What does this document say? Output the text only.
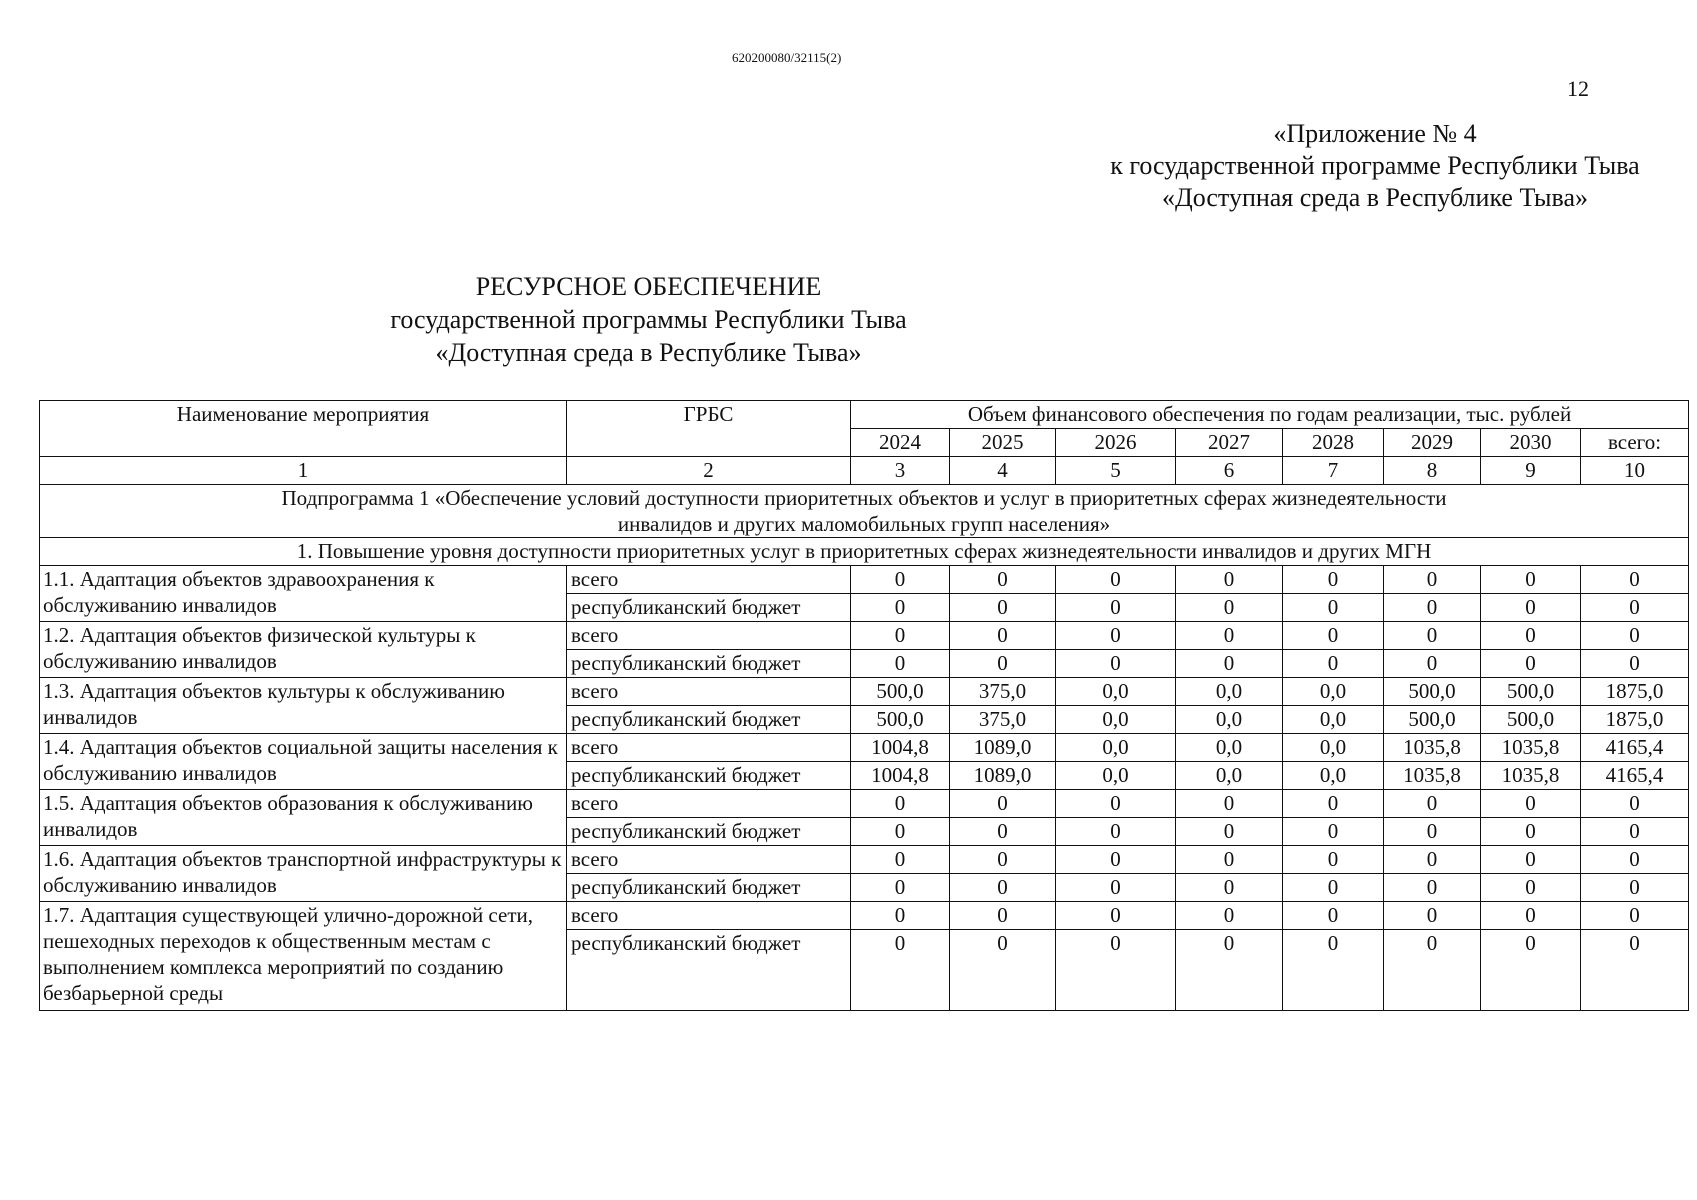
620200080/32115(2)
12
«Приложение № 4
к государственной программе Республики Тыва
«Доступная среда в Республике Тыва»
РЕСУРСНОЕ ОБЕСПЕЧЕНИЕ
государственной программы Республики Тыва
«Доступная среда в Республике Тыва»
Наименование мероприятия	ГРБС	Объем финансового обеспечения по годам реализации, тыс. рублей							
		2024	2025	2026	2027	2028	2029	2030	всего:
1	2	3	4	5	6	7	8	9	10
Подпрограмма 1 «Обеспечение условий доступности приоритетных объектов и услуг в приоритетных сферах жизнедеятельности инвалидов и других маломобильных групп населения»									
1. Повышение уровня доступности приоритетных услуг в приоритетных сферах жизнедеятельности инвалидов и других МГН									
1.1. Адаптация объектов здравоохранения к обслуживанию инвалидов	всего	0	0	0	0	0	0	0	0
	республиканский бюджет	0	0	0	0	0	0	0	0
1.2. Адаптация объектов физической культуры к обслуживанию инвалидов	всего	0	0	0	0	0	0	0	0
	республиканский бюджет	0	0	0	0	0	0	0	0
1.3. Адаптация объектов культуры к обслуживанию инвалидов	всего	500,0	375,0	0,0	0,0	0,0	500,0	500,0	1875,0
	республиканский бюджет	500,0	375,0	0,0	0,0	0,0	500,0	500,0	1875,0
1.4. Адаптация объектов социальной защиты населения к обслуживанию инвалидов	всего	1004,8	1089,0	0,0	0,0	0,0	1035,8	1035,8	4165,4
	республиканский бюджет	1004,8	1089,0	0,0	0,0	0,0	1035,8	1035,8	4165,4
1.5. Адаптация объектов образования к обслуживанию инвалидов	всего	0	0	0	0	0	0	0	0
	республиканский бюджет	0	0	0	0	0	0	0	0
1.6. Адаптация объектов транспортной инфраструктуры к обслуживанию инвалидов	всего	0	0	0	0	0	0	0	0
	республиканский бюджет	0	0	0	0	0	0	0	0
1.7. Адаптация существующей улично-дорожной сети, пешеходных переходов к общественным местам с выполнением комплекса мероприятий по созданию безбарьерной среды	всего	0	0	0	0	0	0	0	0
	республиканский бюджет	0	0	0	0	0	0	0	0
